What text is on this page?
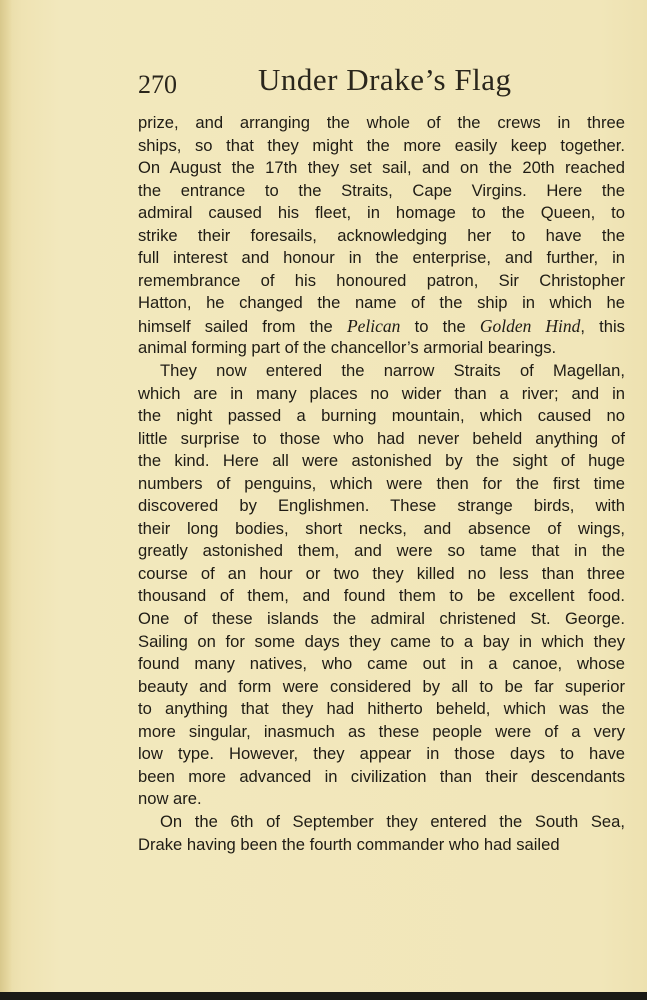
270	Under Drake’s Flag
prize, and arranging the whole of the crews in three
ships, so that they might the more easily keep together.
On August the 17th they set sail, and on the 20th reached
the entrance to the Straits, Cape Virgins. Here the
admiral caused his fleet, in homage to the Queen, to
strike their foresails, acknowledging her to have the
full interest and honour in the enterprise, and further, in
remembrance of his honoured patron, Sir Christopher
Hatton, he changed the name of the ship in which he
himself sailed from the Pelican to the Golden Hind, this
animal forming part of the chancellor’s armorial bearings.
They now entered the narrow Straits of Magellan,
which are in many places no wider than a river; and in
the night passed a burning mountain, which caused no
little surprise to those who had never beheld anything of
the kind. Here all were astonished by the sight of huge
numbers of penguins, which were then for the first time
discovered by Englishmen. These strange birds, with
their long bodies, short necks, and absence of wings,
greatly astonished them, and were so tame that in the
course of an hour or two they killed no less than three
thousand of them, and found them to be excellent food.
One of these islands the admiral christened St. George.
Sailing on for some days they came to a bay in which they
found many natives, who came out in a canoe, whose
beauty and form were considered by all to be far superior
to anything that they had hitherto beheld, which was the
more singular, inasmuch as these people were of a very
low type. However, they appear in those days to have
been more advanced in civilization than their descendants
now are.
On the 6th of September they entered the South Sea,
Drake having been the fourth commander who had sailed
